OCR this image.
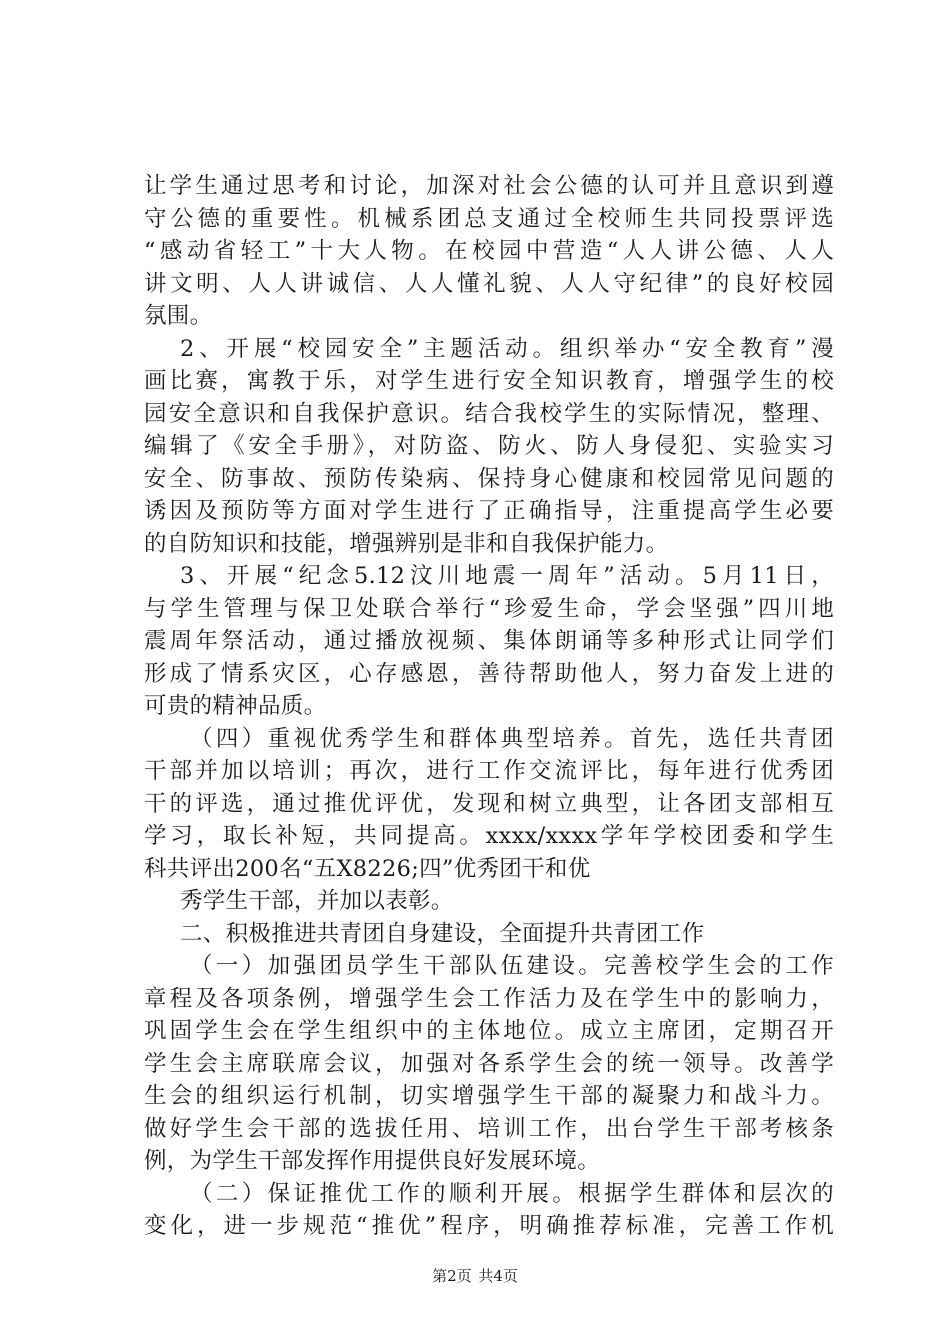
让学生通过思考和讨论，加深对社会公德的认可并且意识到遵
守公德的重要性。机械系团总支通过全校师生共同投票评选
“感动省轻工”十大人物。在校园中营造“人人讲公德、人人
讲文明、人人讲诚信、人人懂礼貌、人人守纪律”的良好校园
氛围。
2、开展“校园安全”主题活动。组织举办“安全教育”漫
画比赛，寓教于乐，对学生进行安全知识教育，增强学生的校
园安全意识和自我保护意识。结合我校学生的实际情况，整理、
编辑了《安全手册》，对防盗、防火、防人身侵犯、实验实习
安全、防事故、预防传染病、保持身心健康和校园常见问题的
诱因及预防等方面对学生进行了正确指导，注重提高学生必要
的自防知识和技能，增强辨别是非和自我保护能力。
3、开展“纪念5.12汶川地震一周年”活动。5月11日，
与学生管理与保卫处联合举行“珍爱生命，学会坚强”四川地
震周年祭活动，通过播放视频、集体朗诵等多种形式让同学们
形成了情系灾区，心存感恩，善待帮助他人，努力奋发上进的
可贵的精神品质。
（四）重视优秀学生和群体典型培养。首先，选任共青团
干部并加以培训；再次，进行工作交流评比，每年进行优秀团
干的评选，通过推优评优，发现和树立典型，让各团支部相互
学习，取长补短，共同提高。xxxx/xxxx学年学校团委和学生
科共评出200名“五X8226;四”优秀团干和优
秀学生干部，并加以表彰。
二、积极推进共青团自身建设，全面提升共青团工作
（一）加强团员学生干部队伍建设。完善校学生会的工作
章程及各项条例，增强学生会工作活力及在学生中的影响力，
巩固学生会在学生组织中的主体地位。成立主席团，定期召开
学生会主席联席会议，加强对各系学生会的统一领导。改善学
生会的组织运行机制，切实增强学生干部的凝聚力和战斗力。
做好学生会干部的选拔任用、培训工作，出台学生干部考核条
例，为学生干部发挥作用提供良好发展环境。
（二）保证推优工作的顺利开展。根据学生群体和层次的
变化，进一步规范“推优”程序，明确推荐标准，完善工作机
第2页 共4页
